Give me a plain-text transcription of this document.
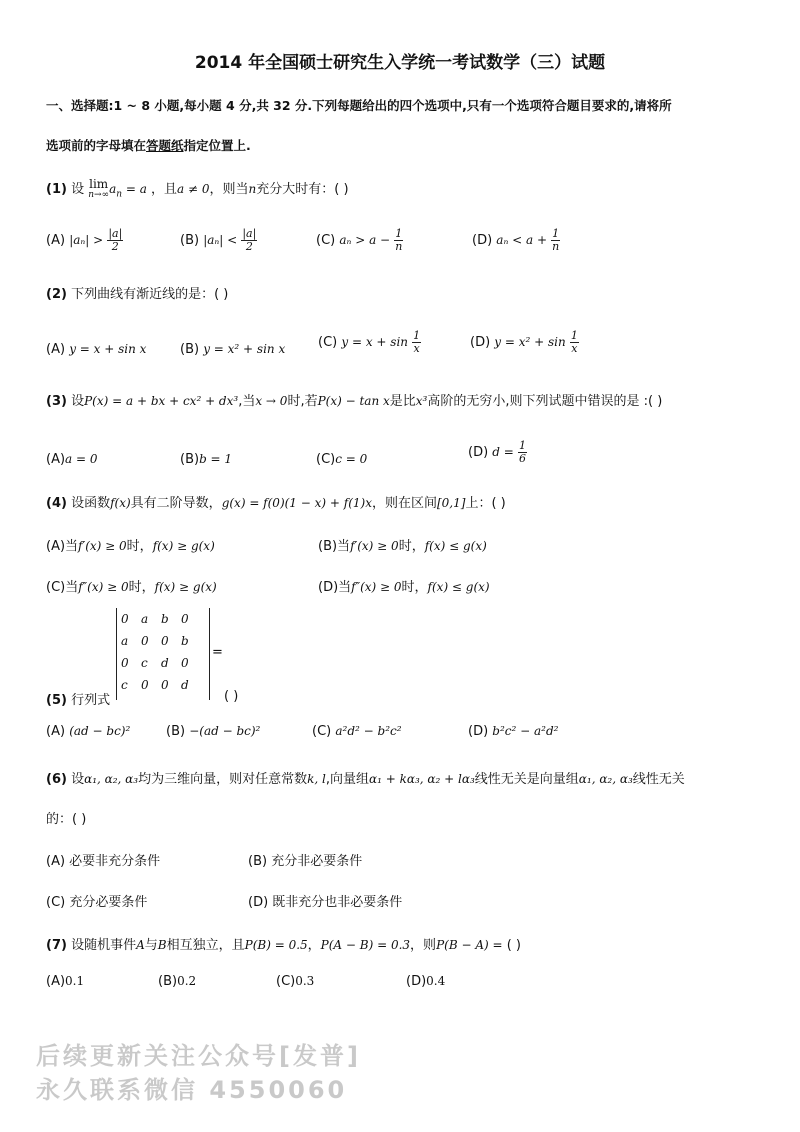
2014 年全国硕士研究生入学统一考试数学（三）试题
一、选择题:1 ~ 8 小题,每小题 4 分,共 32 分.下列每题给出的四个选项中,只有一个选项符合题目要求的,请将所
选项前的字母填在答题纸指定位置上.
(1) 设 lim
n→∞ $a_n = a$ ，且a ≠ 0，则当n充分大时有：( )
(A) $|a_n| > \frac{|a|}{2}$	(B) $|a_n| < \frac{|a|}{2}$	(C) $a_n > a - \frac{1}{n}$	(D) $a_n < a + \frac{1}{n}$
(2) 下列曲线有渐近线的是：( )
(A) y = x + sin x	(B) y = x² + sin x	(C) $y = x + \sin \frac{1}{x}$	(D) $y = x^2 + \sin \frac{1}{x}$
(3) 设P(x) = a + bx + cx² + dx³,当x → 0时,若P(x) − tan x是比x³高阶的无穷小,则下列试题中错误的是 :( )
(A)a = 0	(B)b = 1	(C)c = 0	(D) $d = \frac{1}{6}$
(4) 设函数f(x)具有二阶导数，g(x) = f(0)(1 − x) + f(1)x，则在区间[0,1]上：( )
(A)当f′(x) ≥ 0时，f(x) ≥ g(x)	(B)当f′(x) ≥ 0时，f(x) ≤ g(x)
(C)当f″(x) ≥ 0时，f(x) ≥ g(x)	(D)当f″(x) ≥ 0时，f(x) ≤ g(x)
0	a	b	0
a	0	0	b
0	c	d	0
c	0	0	d
=
(5) 行列式	( )
(A) (ad − bc)²	(B) −(ad − bc)²	(C) a²d² − b²c²	(D) b²c² − a²d²
(6) 设α₁, α₂, α₃均为三维向量，则对任意常数k, l,向量组α₁ + kα₃, α₂ + lα₃线性无关是向量组α₁, α₂, α₃线性无关
的：( )
(A) 必要非充分条件	(B) 充分非必要条件
(C) 充分必要条件	(D) 既非充分也非必要条件
(7) 设随机事件A与B相互独立，且P(B) = 0.5，P(A − B) = 0.3，则P(B − A) = ( )
(A)0.1	(B)0.2	(C)0.3	(D)0.4
后续更新关注公众号[发普]
永久联系微信 4550060
